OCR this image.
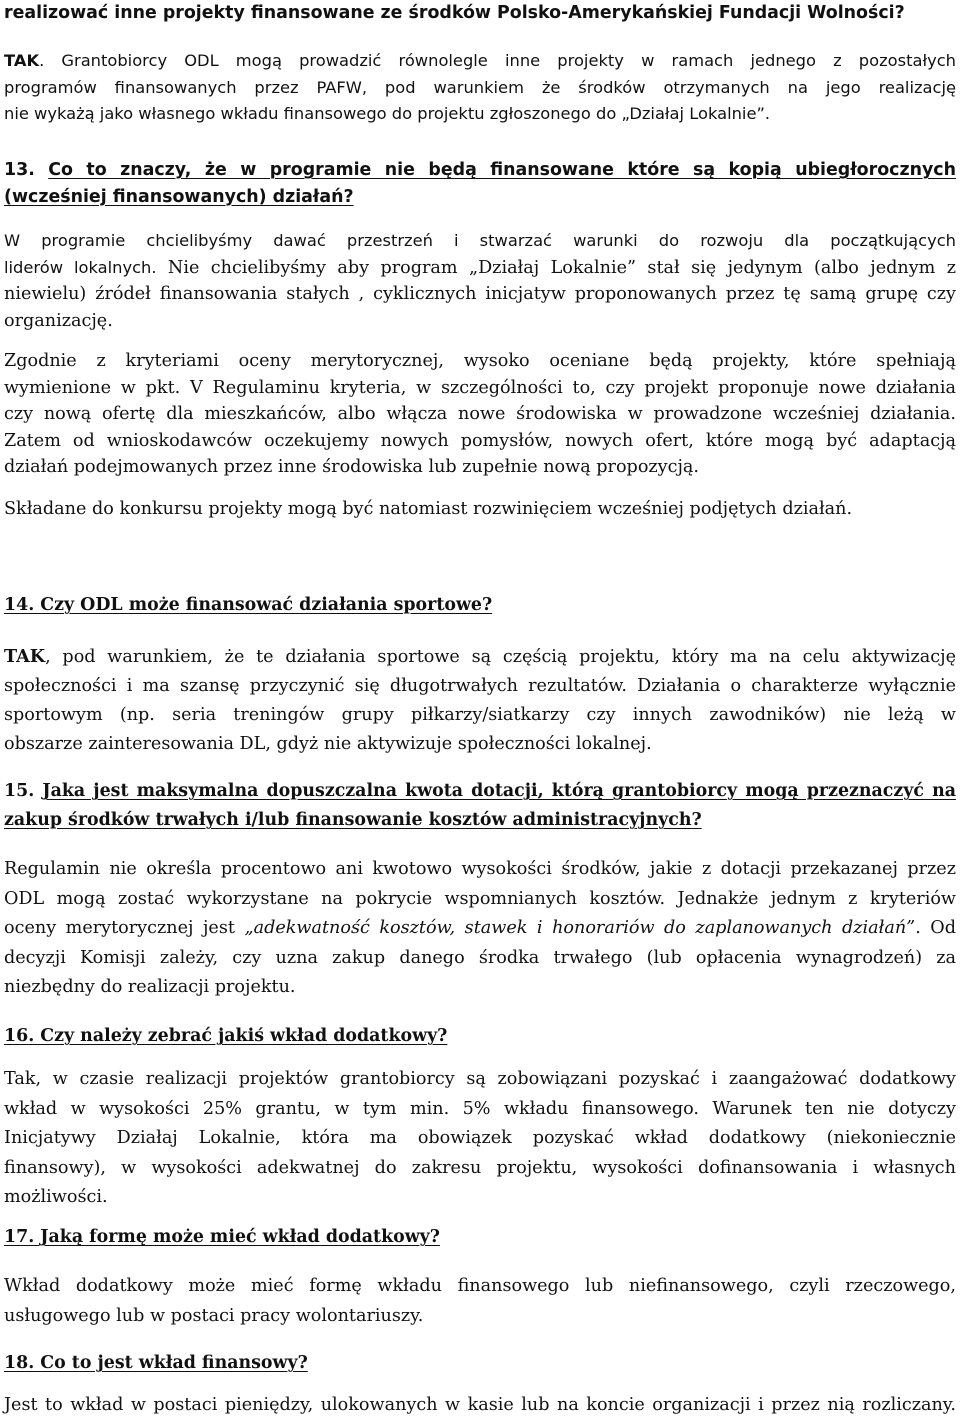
realizować inne projekty finansowane ze środków Polsko-Amerykańskiej Fundacji Wolności?

TAK. Grantobiorcy ODL mogą prowadzić równolegle inne projekty w ramach jednego z pozostałych
programów finansowanych przez PAFW, pod warunkiem że środków otrzymanych na jego realizację
nie wykażą jako własnego wkładu finansowego do projektu zgłoszonego do „Działaj Lokalnie”.

13. Co to znaczy, że w programie nie będą finansowane które są kopią ubiegłorocznych
(wcześniej finansowanych) działań?

W programie chcielibyśmy dawać przestrzeń i stwarzać warunki do rozwoju dla początkujących
liderów lokalnych. Nie chcielibyśmy aby program „Działaj Lokalnie” stał się jedynym (albo jednym z
niewielu) źródeł finansowania stałych , cyklicznych inicjatyw proponowanych przez tę samą grupę czy
organizację.

Zgodnie z kryteriami oceny merytorycznej, wysoko oceniane będą projekty, które spełniają
wymienione w pkt. V Regulaminu kryteria, w szczególności to, czy projekt proponuje nowe działania
czy nową ofertę dla mieszkańców, albo włącza nowe środowiska w prowadzone wcześniej działania.
Zatem od wnioskodawców oczekujemy nowych pomysłów, nowych ofert, które mogą być adaptacją
działań podejmowanych przez inne środowiska lub zupełnie nową propozycją.

Składane do konkursu projekty mogą być natomiast rozwinięciem wcześniej podjętych działań.

14. Czy ODL może finansować działania sportowe?

TAK, pod warunkiem, że te działania sportowe są częścią projektu, który ma na celu aktywizację
społeczności i ma szansę przyczynić się długotrwałych rezultatów. Działania o charakterze wyłącznie
sportowym (np. seria treningów grupy piłkarzy/siatkarzy czy innych zawodników) nie leżą w
obszarze zainteresowania DL, gdyż nie aktywizuje społeczności lokalnej.

15. Jaka jest maksymalna dopuszczalna kwota dotacji, którą grantobiorcy mogą przeznaczyć na
zakup środków trwałych i/lub finansowanie kosztów administracyjnych?

Regulamin nie określa procentowo ani kwotowo wysokości środków, jakie z dotacji przekazanej przez
ODL mogą zostać wykorzystane na pokrycie wspomnianych kosztów. Jednakże jednym z kryteriów
oceny merytorycznej jest „adekwatność kosztów, stawek i honorariów do zaplanowanych działań”. Od
decyzji Komisji zależy, czy uzna zakup danego środka trwałego (lub opłacenia wynagrodzeń) za
niezbędny do realizacji projektu.

16. Czy należy zebrać jakiś wkład dodatkowy?

Tak, w czasie realizacji projektów grantobiorcy są zobowiązani pozyskać i zaangażować dodatkowy
wkład w wysokości 25% grantu, w tym min. 5% wkładu finansowego. Warunek ten nie dotyczy
Inicjatywy Działaj Lokalnie, która ma obowiązek pozyskać wkład dodatkowy (niekoniecznie
finansowy), w wysokości adekwatnej do zakresu projektu, wysokości dofinansowania i własnych
możliwości.

17. Jaką formę może mieć wkład dodatkowy?

Wkład dodatkowy może mieć formę wkładu finansowego lub niefinansowego, czyli rzeczowego,
usługowego lub w postaci pracy wolontariuszy.

18. Co to jest wkład finansowy?

Jest to wkład w postaci pieniędzy, ulokowanych w kasie lub na koncie organizacji i przez nią rozliczany.
